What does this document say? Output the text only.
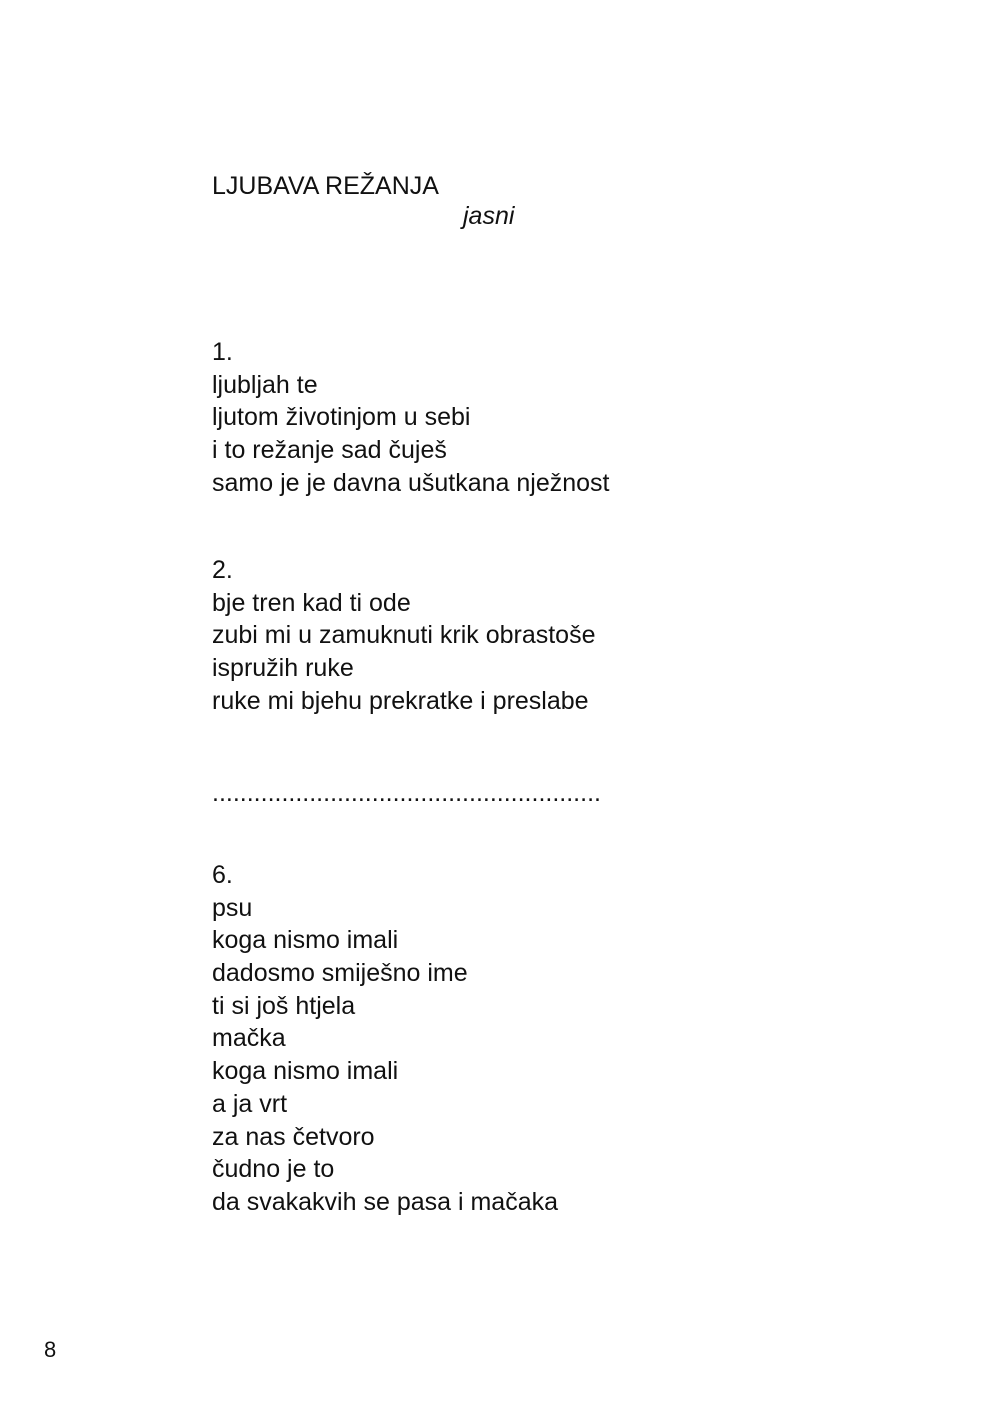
LJUBAVA REŽANJA
jasni
1.
ljubljah te
ljutom životinjom u sebi
i to režanje sad čuješ
samo je je davna ušutkana nježnost
2.
bje tren kad ti ode
zubi mi u zamuknuti krik obrastoše
ispružih ruke
ruke mi bjehu prekratke i preslabe
........................................................
6.
psu
koga nismo imali
dadosmo smiješno ime
ti si još htjela
mačka
koga nismo imali
a ja vrt
za nas četvoro
čudno je to
da svakakvih se pasa i mačaka
8
